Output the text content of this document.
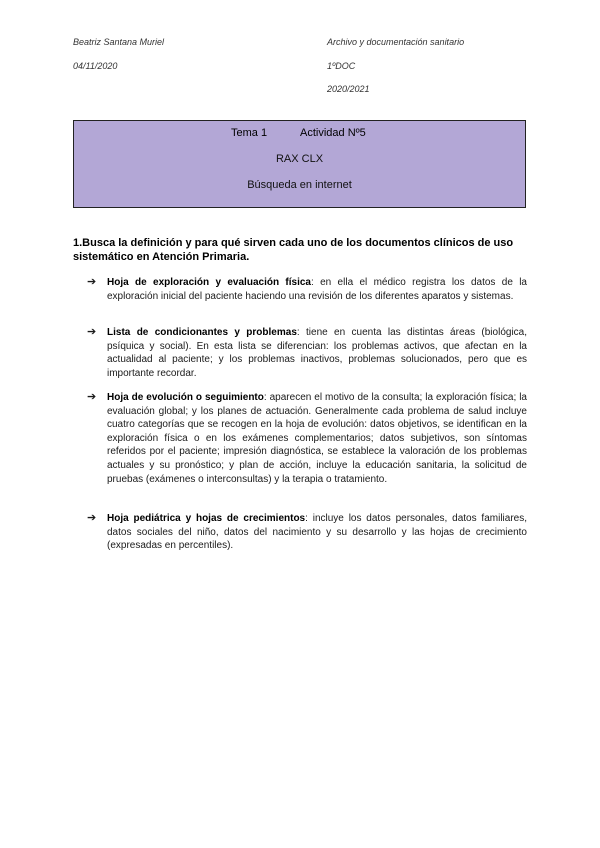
Beatriz Santana Muriel
04/11/2020
Archivo y documentación sanitario
1ºDOC
2020/2021
Tema 1	Actividad Nº5
RAX CLX
Búsqueda en internet
1.Busca la definición y para qué sirven cada uno de los documentos clínicos de uso sistemático en Atención Primaria.
➔ Hoja de exploración y evaluación física: en ella el médico registra los datos de la exploración inicial del paciente haciendo una revisión de los diferentes aparatos y sistemas.
➔ Lista de condicionantes y problemas: tiene en cuenta las distintas áreas (biológica, psíquica y social). En esta lista se diferencian: los problemas activos, que afectan en la actualidad al paciente; y los problemas inactivos, problemas solucionados, pero que es importante recordar.
➔ Hoja de evolución o seguimiento: aparecen el motivo de la consulta; la exploración física; la evaluación global; y los planes de actuación. Generalmente cada problema de salud incluye cuatro categorías que se recogen en la hoja de evolución: datos objetivos, se identifican en la exploración física o en los exámenes complementarios; datos subjetivos, son síntomas referidos por el paciente; impresión diagnóstica, se establece la valoración de los problemas actuales y su pronóstico; y plan de acción, incluye la educación sanitaria, la solicitud de pruebas (exámenes o interconsultas) y la terapia o tratamiento.
➔ Hoja pediátrica y hojas de crecimientos: incluye los datos personales, datos familiares, datos sociales del niño, datos del nacimiento y su desarrollo y las hojas de crecimiento (expresadas en percentiles).
